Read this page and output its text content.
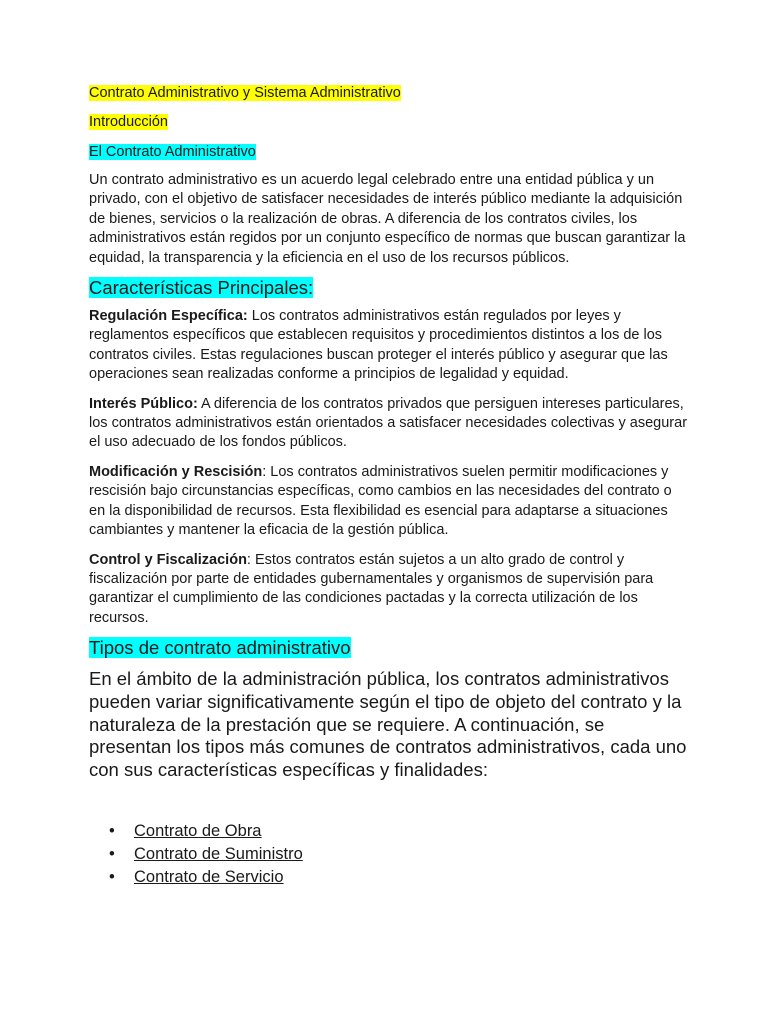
Contrato Administrativo y Sistema Administrativo

Introducción

El Contrato Administrativo

Un contrato administrativo es un acuerdo legal celebrado entre una entidad pública y un privado, con el objetivo de satisfacer necesidades de interés público mediante la adquisición de bienes, servicios o la realización de obras. A diferencia de los contratos civiles, los administrativos están regidos por un conjunto específico de normas que buscan garantizar la equidad, la transparencia y la eficiencia en el uso de los recursos públicos.

Características Principales:

Regulación Específica: Los contratos administrativos están regulados por leyes y reglamentos específicos que establecen requisitos y procedimientos distintos a los de los contratos civiles. Estas regulaciones buscan proteger el interés público y asegurar que las operaciones sean realizadas conforme a principios de legalidad y equidad.

Interés Público: A diferencia de los contratos privados que persiguen intereses particulares, los contratos administrativos están orientados a satisfacer necesidades colectivas y asegurar el uso adecuado de los fondos públicos.

Modificación y Rescisión: Los contratos administrativos suelen permitir modificaciones y rescisión bajo circunstancias específicas, como cambios en las necesidades del contrato o en la disponibilidad de recursos. Esta flexibilidad es esencial para adaptarse a situaciones cambiantes y mantener la eficacia de la gestión pública.

Control y Fiscalización: Estos contratos están sujetos a un alto grado de control y fiscalización por parte de entidades gubernamentales y organismos de supervisión para garantizar el cumplimiento de las condiciones pactadas y la correcta utilización de los recursos.

Tipos de contrato administrativo

En el ámbito de la administración pública, los contratos administrativos pueden variar significativamente según el tipo de objeto del contrato y la naturaleza de la prestación que se requiere. A continuación, se presentan los tipos más comunes de contratos administrativos, cada uno con sus características específicas y finalidades:

• Contrato de Obra
• Contrato de Suministro
• Contrato de Servicio
